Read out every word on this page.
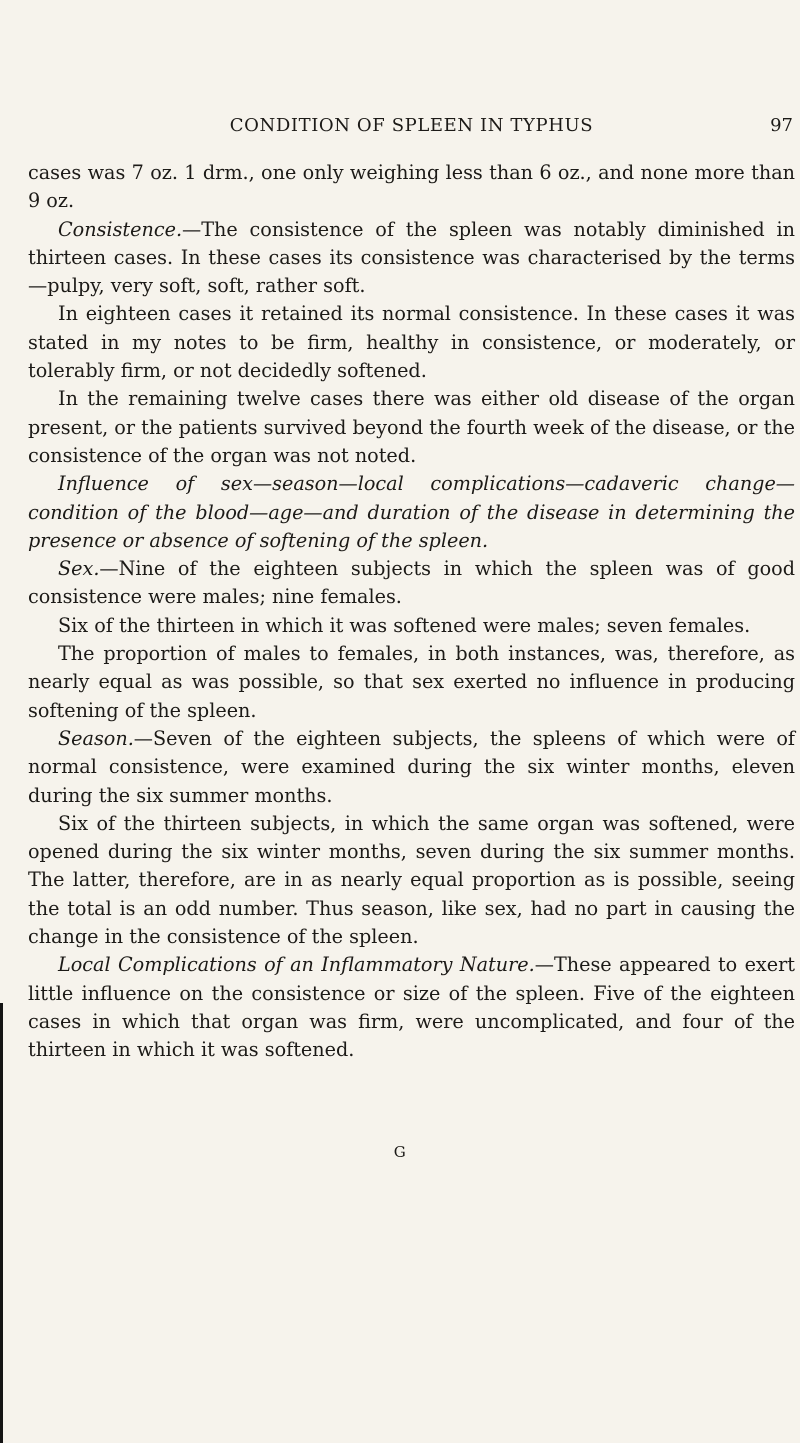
CONDITION OF SPLEEN IN TYPHUS	97

cases was 7 oz. 1 drm., one only weighing less than 6 oz., and none more than 9 oz.

Consistence.—The consistence of the spleen was notably diminished in thirteen cases. In these cases its consistence was characterised by the terms—pulpy, very soft, soft, rather soft.

In eighteen cases it retained its normal consistence. In these cases it was stated in my notes to be firm, healthy in consistence, or moderately, or tolerably firm, or not decidedly softened.

In the remaining twelve cases there was either old disease of the organ present, or the patients survived beyond the fourth week of the disease, or the consistence of the organ was not noted.

Influence of sex—season—local complications—cadaveric change—condition of the blood—age—and duration of the disease in determining the presence or absence of softening of the spleen.

Sex.—Nine of the eighteen subjects in which the spleen was of good consistence were males; nine females.

Six of the thirteen in which it was softened were males; seven females.

The proportion of males to females, in both instances, was, therefore, as nearly equal as was possible, so that sex exerted no influence in producing softening of the spleen.

Season.—Seven of the eighteen subjects, the spleens of which were of normal consistence, were examined during the six winter months, eleven during the six summer months.

Six of the thirteen subjects, in which the same organ was softened, were opened during the six winter months, seven during the six summer months. The latter, therefore, are in as nearly equal proportion as is possible, seeing the total is an odd number. Thus season, like sex, had no part in causing the change in the consistence of the spleen.

Local Complications of an Inflammatory Nature.—These appeared to exert little influence on the consistence or size of the spleen. Five of the eighteen cases in which that organ was firm, were uncomplicated, and four of the thirteen in which it was softened.

G
